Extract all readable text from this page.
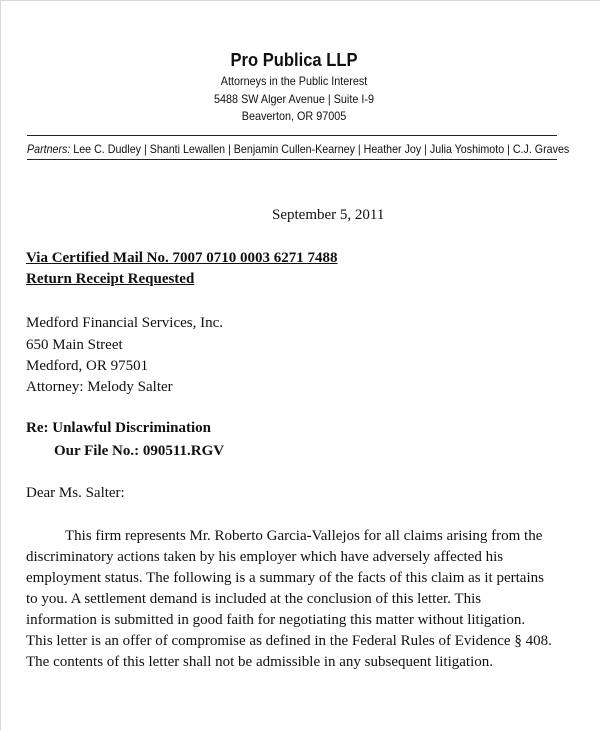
Pro Publica LLP
Attorneys in the Public Interest
5488 SW Alger Avenue | Suite I-9
Beaverton, OR 97005
Partners: Lee C. Dudley | Shanti Lewallen | Benjamin Cullen-Kearney | Heather Joy | Julia Yoshimoto | C.J. Graves
September 5, 2011
Via Certified Mail No. 7007 0710 0003 6271 7488
Return Receipt Requested
Medford Financial Services, Inc.
650 Main Street
Medford, OR 97501
Attorney: Melody Salter
Re: Unlawful Discrimination
Our File No.: 090511.RGV
Dear Ms. Salter:
This firm represents Mr. Roberto Garcia-Vallejos for all claims arising from the
discriminatory actions taken by his employer which have adversely affected his
employment status. The following is a summary of the facts of this claim as it pertains
to you. A settlement demand is included at the conclusion of this letter. This
information is submitted in good faith for negotiating this matter without litigation.
This letter is an offer of compromise as defined in the Federal Rules of Evidence § 408.
The contents of this letter shall not be admissible in any subsequent litigation.
